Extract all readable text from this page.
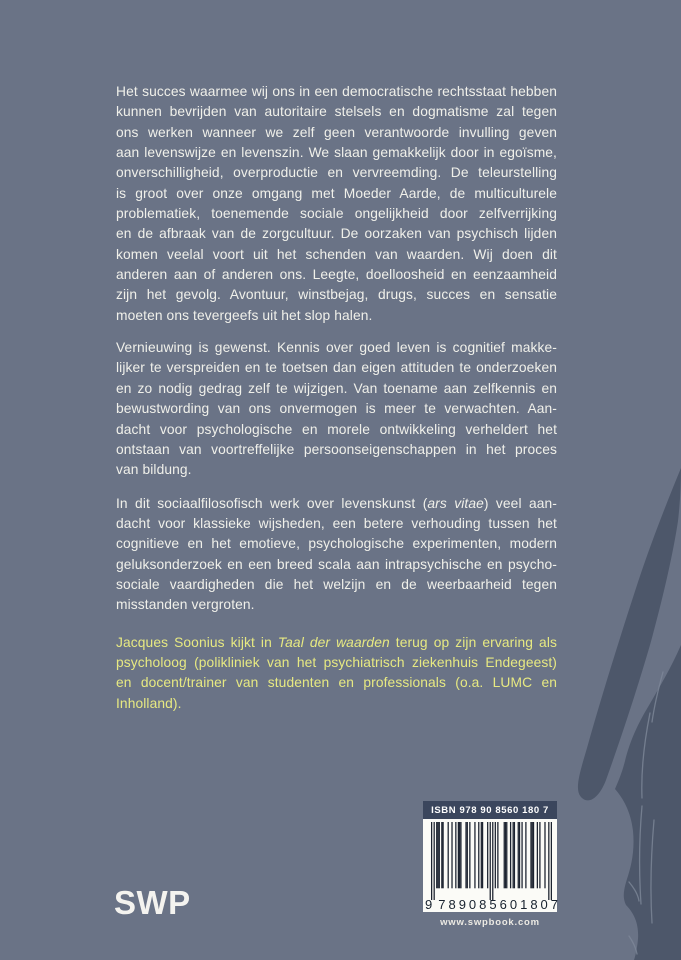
Het succes waarmee wij ons in een democratische rechtsstaat hebben
kunnen bevrijden van autoritaire stelsels en dogmatisme zal tegen
ons werken wanneer we zelf geen verantwoorde invulling geven
aan levenswijze en levenszin. We slaan gemakkelijk door in egoïsme,
onverschilligheid, overproductie en vervreemding. De teleurstelling
is groot over onze omgang met Moeder Aarde, de multiculturele
problematiek, toenemende sociale ongelijkheid door zelfverrijking
en de afbraak van de zorgcultuur. De oorzaken van psychisch lijden
komen veelal voort uit het schenden van waarden. Wij doen dit
anderen aan of anderen ons. Leegte, doelloosheid en eenzaamheid
zijn het gevolg. Avontuur, winstbejag, drugs, succes en sensatie
moeten ons tevergeefs uit het slop halen.
Vernieuwing is gewenst. Kennis over goed leven is cognitief makke-
lijker te verspreiden en te toetsen dan eigen attituden te onderzoeken
en zo nodig gedrag zelf te wijzigen. Van toename aan zelfkennis en
bewustwording van ons onvermogen is meer te verwachten. Aan-
dacht voor psychologische en morele ontwikkeling verheldert het
ontstaan van voortreffelijke persoonseigenschappen in het proces
van bildung.
In dit sociaalfilosofisch werk over levenskunst (ars vitae) veel aan-
dacht voor klassieke wijsheden, een betere verhouding tussen het
cognitieve en het emotieve, psychologische experimenten, modern
geluksonderzoek en een breed scala aan intrapsychische en psycho-
sociale vaardigheden die het welzijn en de weerbaarheid tegen
misstanden vergroten.
Jacques Soonius kijkt in Taal der waarden terug op zijn ervaring als
psycholoog (polikliniek van het psychiatrisch ziekenhuis Endegeest)
en docent/trainer van studenten en professionals (o.a. LUMC en
Inholland).
ISBN 978 90 8560 180 7
9 789085 601807
www.swpbook.com
SWP
